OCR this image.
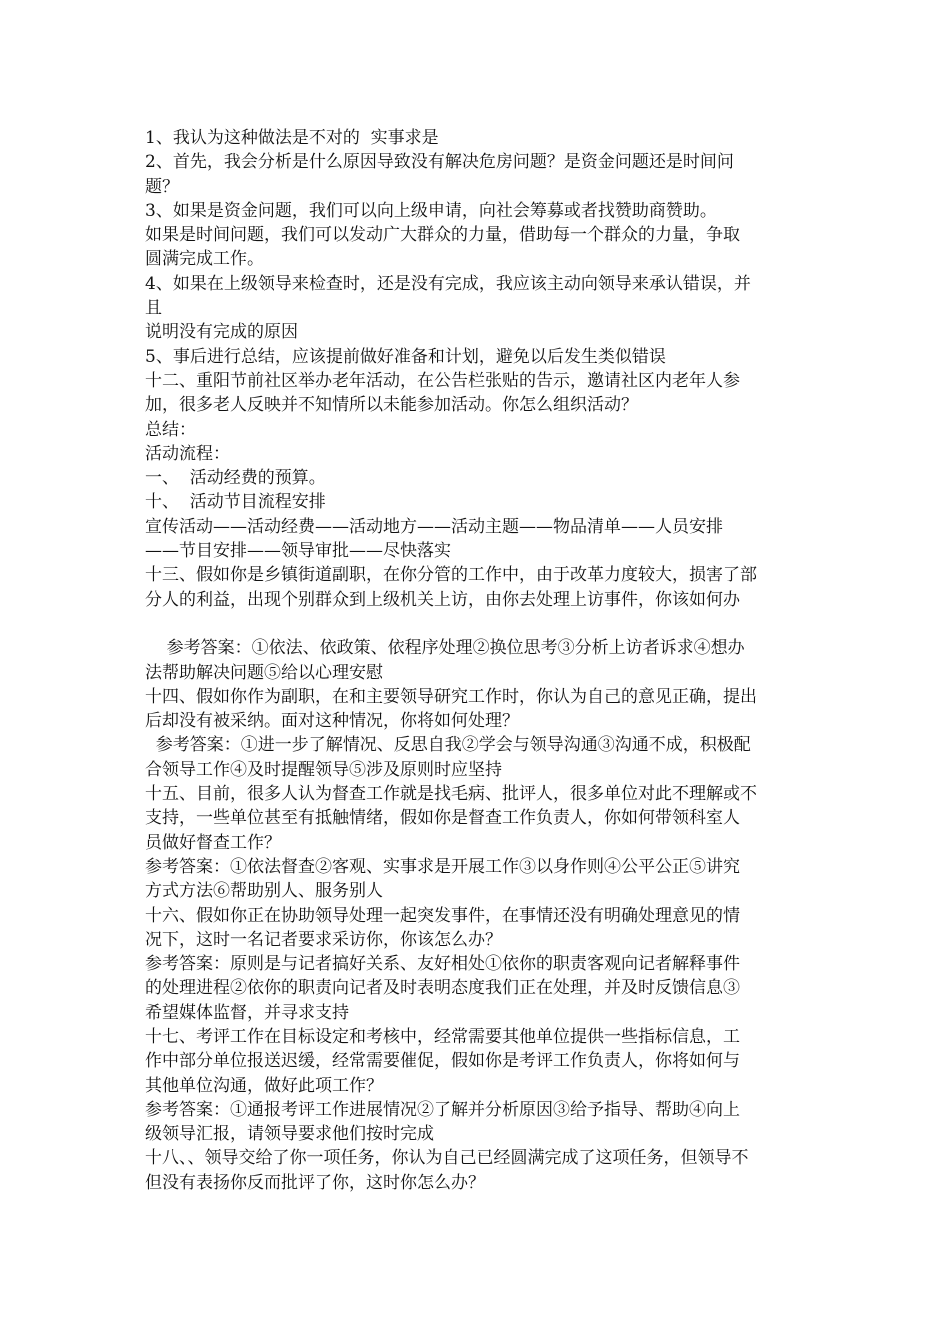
1、我认为这种做法是不对的  实事求是
2、首先，我会分析是什么原因导致没有解决危房问题？是资金问题还是时间问
题？
3、如果是资金问题，我们可以向上级申请，向社会筹募或者找赞助商赞助。
如果是时间问题，我们可以发动广大群众的力量，借助每一个群众的力量，争取
圆满完成工作。
4、如果在上级领导来检查时，还是没有完成，我应该主动向领导来承认错误，并
且
说明没有完成的原因
5、事后进行总结，应该提前做好准备和计划，避免以后发生类似错误
十二、重阳节前社区举办老年活动，在公告栏张贴的告示，邀请社区内老年人参
加，很多老人反映并不知情所以未能参加活动。你怎么组织活动？
总结：
活动流程：
一、  活动经费的预算。
十、  活动节目流程安排
宣传活动——活动经费——活动地方——活动主题——物品清单——人员安排
——节目安排——领导审批——尽快落实
十三、假如你是乡镇街道副职，在你分管的工作中，由于改革力度较大，损害了部
分人的利益，出现个别群众到上级机关上访，由你去处理上访事件，你该如何办
参考答案：①依法、依政策、依程序处理②换位思考③分析上访者诉求④想办
法帮助解决问题⑤给以心理安慰
十四、假如你作为副职，在和主要领导研究工作时，你认为自己的意见正确，提出
后却没有被采纳。面对这种情况，你将如何处理？
参考答案：①进一步了解情况、反思自我②学会与领导沟通③沟通不成，积极配
合领导工作④及时提醒领导⑤涉及原则时应坚持
十五、目前，很多人认为督查工作就是找毛病、批评人，很多单位对此不理解或不
支持，一些单位甚至有抵触情绪，假如你是督查工作负责人，你如何带领科室人
员做好督查工作？
参考答案：①依法督查②客观、实事求是开展工作③以身作则④公平公正⑤讲究
方式方法⑥帮助别人、服务别人
十六、假如你正在协助领导处理一起突发事件，在事情还没有明确处理意见的情
况下，这时一名记者要求采访你，你该怎么办？
参考答案：原则是与记者搞好关系、友好相处①依你的职责客观向记者解释事件
的处理进程②依你的职责向记者及时表明态度我们正在处理，并及时反馈信息③
希望媒体监督，并寻求支持
十七、考评工作在目标设定和考核中，经常需要其他单位提供一些指标信息，工
作中部分单位报送迟缓，经常需要催促，假如你是考评工作负责人，你将如何与
其他单位沟通，做好此项工作？
参考答案：①通报考评工作进展情况②了解并分析原因③给予指导、帮助④向上
级领导汇报，请领导要求他们按时完成
十八、、领导交给了你一项任务，你认为自己已经圆满完成了这项任务，但领导不
但没有表扬你反而批评了你，这时你怎么办？
